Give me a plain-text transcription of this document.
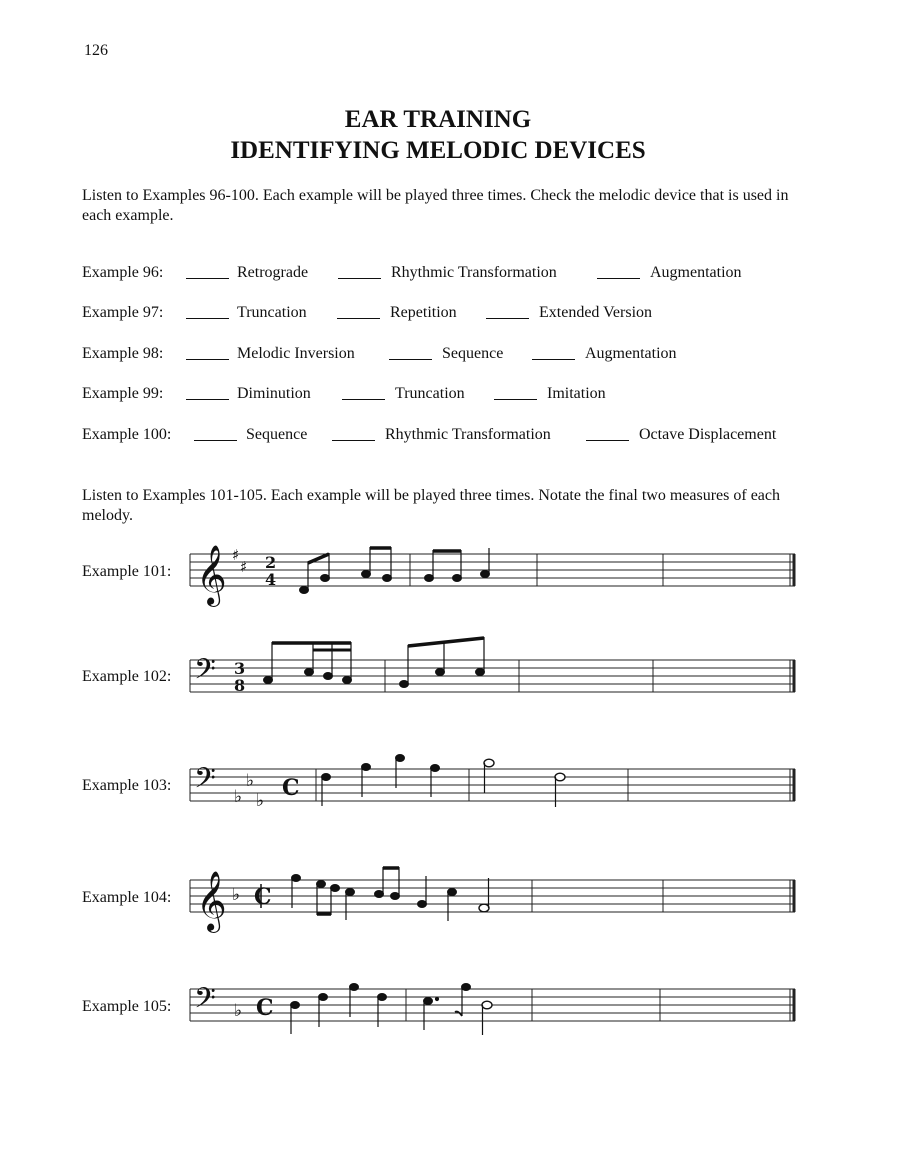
126
EAR TRAINING
IDENTIFYING MELODIC DEVICES
Listen to Examples 96-100. Each example will be played three times. Check the melodic device that is used in each example.
Example 96:	Retrograde	Rhythmic Transformation	Augmentation
Example 97:	Truncation	Repetition	Extended Version
Example 98:	Melodic Inversion	Sequence	Augmentation
Example 99:	Diminution	Truncation	Imitation
Example 100:	Sequence	Rhythmic Transformation	Octave Displacement
Listen to Examples 101-105. Each example will be played three times. Notate the final two measures of each melody.
Example 101:
Example 102:
Example 103:
Example 104:
Example 105:
𝄞 ♯
♯ 2
4
𝄢 3
8
𝄢 ♭
♭
♭ C
𝄞 ♭ C
𝄢 ♭ C
